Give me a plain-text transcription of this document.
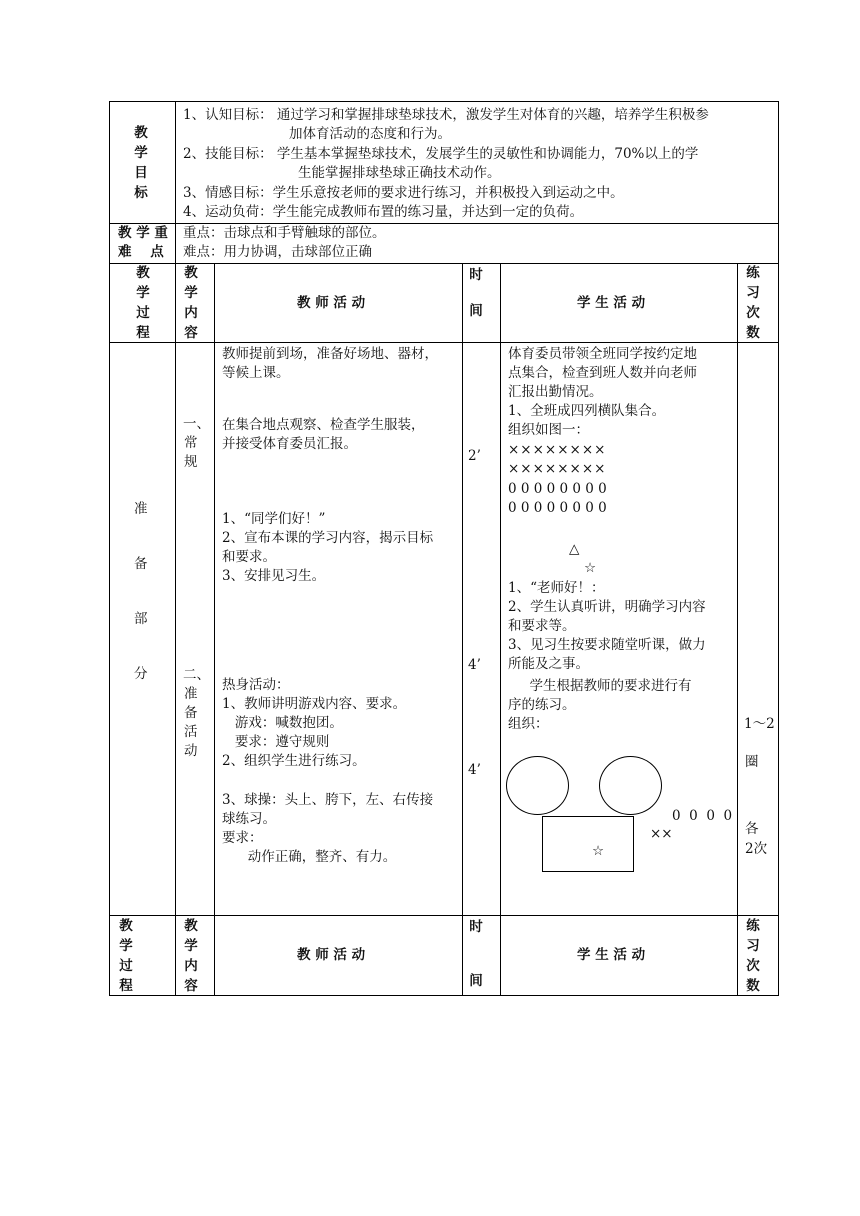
教
学
目
标
1、认知目标： 通过学习和掌握排球垫球技术，激发学生对体育的兴趣，培养学生积极参
加体育活动的态度和行为。
2、技能目标： 学生基本掌握垫球技术，发展学生的灵敏性和协调能力，70%以上的学
生能掌握排球垫球正确技术动作。
3、情感目标：学生乐意按老师的要求进行练习，并积极投入到运动之中。
4、运动负荷：学生能完成教师布置的练习量，并达到一定的负荷。
教 学 重
难    点
重点：击球点和手臂触球的部位。
难点：用力协调，击球部位正确
教
学
过
程
教
学
内
容
教 师 活 动
时
间	学 生 活 动
练
习
次
数
准
备
部
分
一、
常
规
二、
准
备
活
动
教师提前到场，准备好场地、器材，
等候上课。
在集合地点观察、检查学生服装，
并接受体育委员汇报。
1、“同学们好！”
2、宣布本课的学习内容，揭示目标
和要求。
3、安排见习生。
热身活动：
1、教师讲明游戏内容、要求。
游戏：喊数抱团。
要求：遵守规则
2、组织学生进行练习。
3、球操：头上、胯下，左、右传接
球练习。
要求：
动作正确，整齐、有力。
2’
4’
4’
体育委员带领全班同学按约定地
点集合，检查到班人数并向老师
汇报出勤情况。
1、全班成四列横队集合。
组织如图一：
××××××××
××××××××
0 0 0 0 0 0 0 0
0 0 0 0 0 0 0 0
△
☆
1、“老师好！：
2、学生认真听讲，明确学习内容
和要求等。
3、见习生按要求随堂听课，做力
所能及之事。
学生根据教师的要求进行有
序的练习。
组织：
☆
0  0  0  0
××
1～2
圈
各
2次
教
学
过
程
教
学
内
容
教 师 活 动
时
间
学 生 活 动
练
习
次
数
